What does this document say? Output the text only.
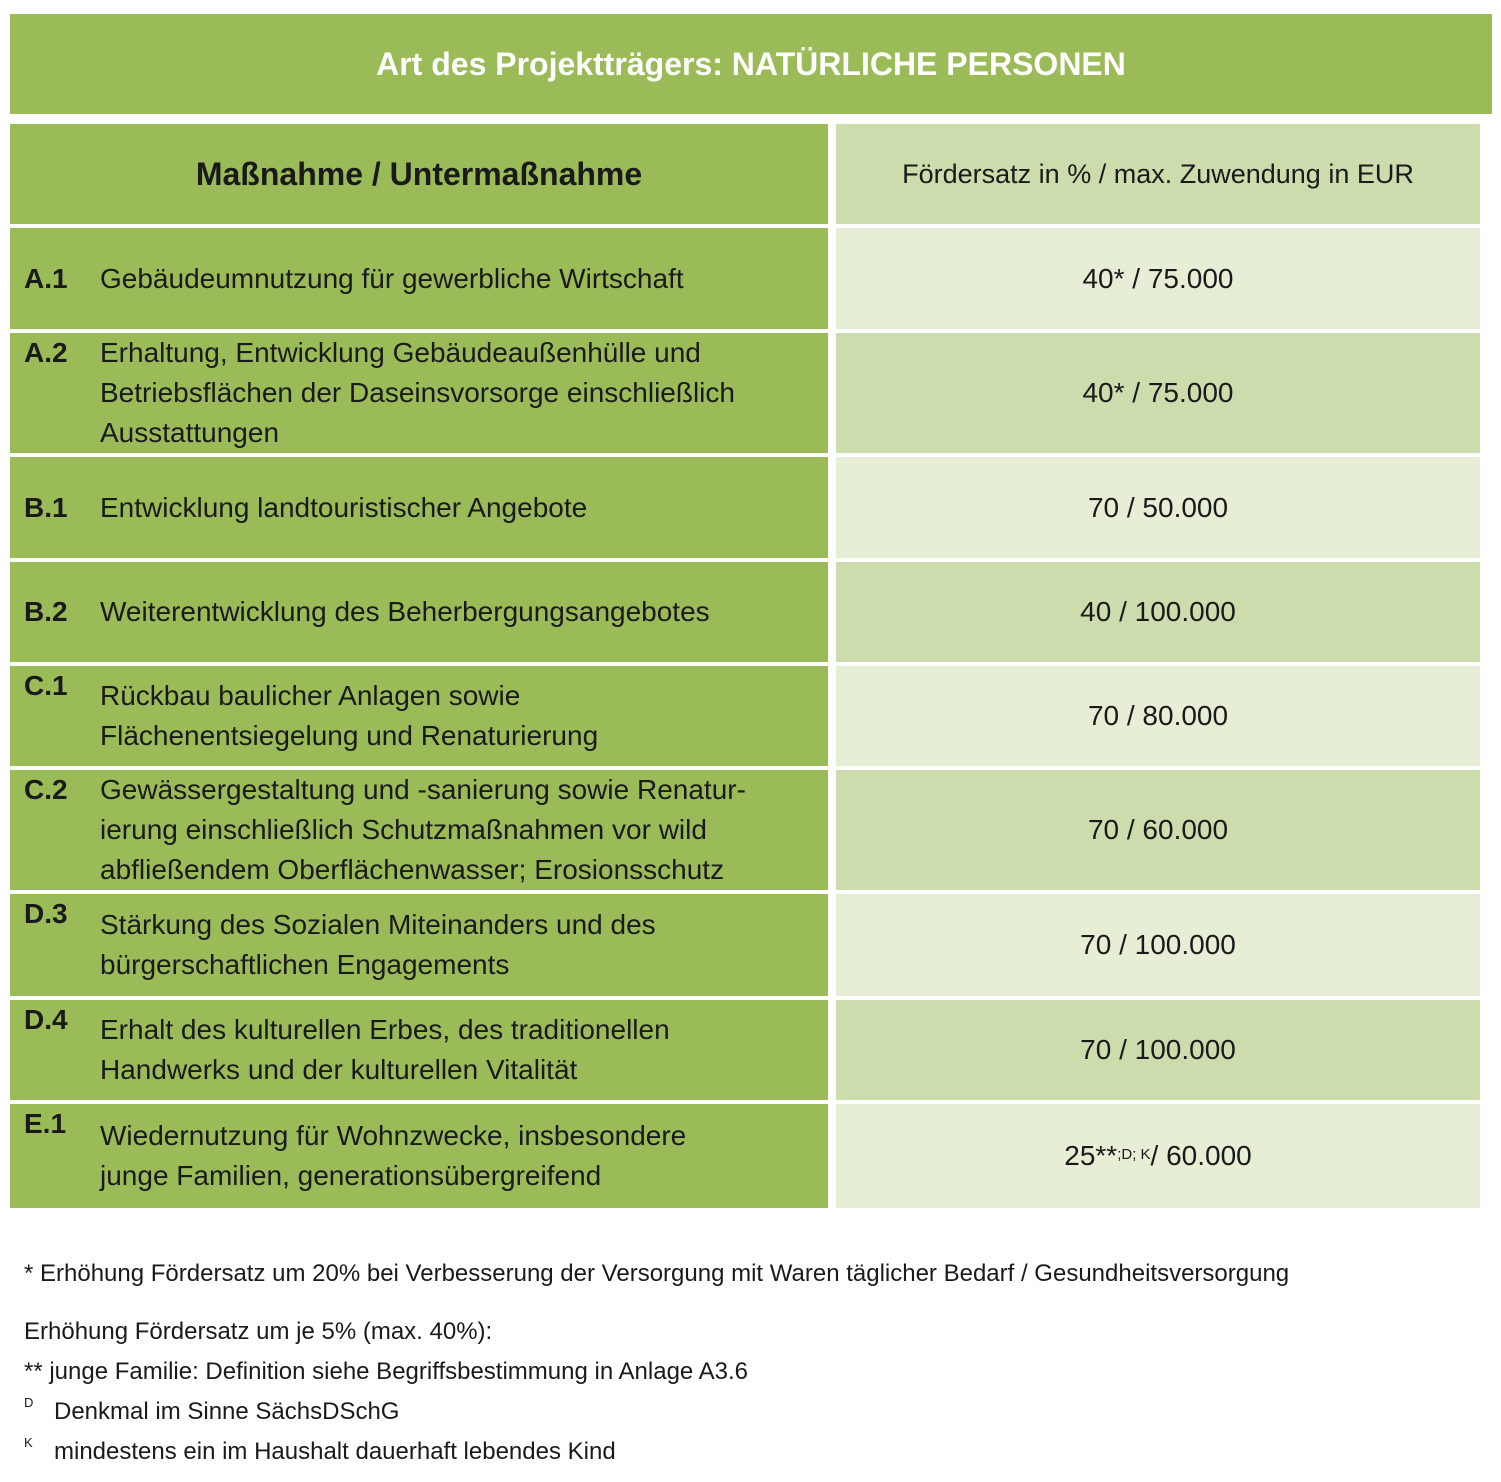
Art des Projektträgers: NATÜRLICHE PERSONEN
Maßnahme / Untermaßnahme	Fördersatz in % / max. Zuwendung in EUR
A.1	Gebäudeumnutzung für gewerbliche Wirtschaft	40* / 75.000
A.2	Erhaltung, Entwicklung Gebäudeaußenhülle und
Betriebsflächen der Daseinsvorsorge einschließlich
Ausstattungen
40* / 75.000
B.1	Entwicklung landtouristischer Angebote	70 / 50.000
B.2	Weiterentwicklung des Beherbergungsangebotes	40 / 100.000
C.1	Rückbau baulicher Anlagen sowie
Flächenentsiegelung und Renaturierung
70 / 80.000
C.2	Gewässergestaltung und -sanierung sowie Renatur-
ierung einschließlich Schutzmaßnahmen vor wild
abfließendem Oberflächenwasser; Erosionsschutz
70 / 60.000
D.3	Stärkung des Sozialen Miteinanders und des
bürgerschaftlichen Engagements
70 / 100.000
D.4	Erhalt des kulturellen Erbes, des traditionellen
Handwerks und der kulturellen Vitalität
70 / 100.000
E.1	Wiedernutzung für Wohnzwecke, insbesondere
junge Familien, generationsübergreifend
25**$^{;D; K}$ / 60.000
* Erhöhung Fördersatz um 20% bei Verbesserung der Versorgung mit Waren täglicher Bedarf / Gesundheitsversorgung
Erhöhung Fördersatz um je 5% (max. 40%):
** junge Familie: Definition siehe Begriffsbestimmung in Anlage A3.6
D Denkmal im Sinne SächsDSchG
K mindestens ein im Haushalt dauerhaft lebendes Kind
